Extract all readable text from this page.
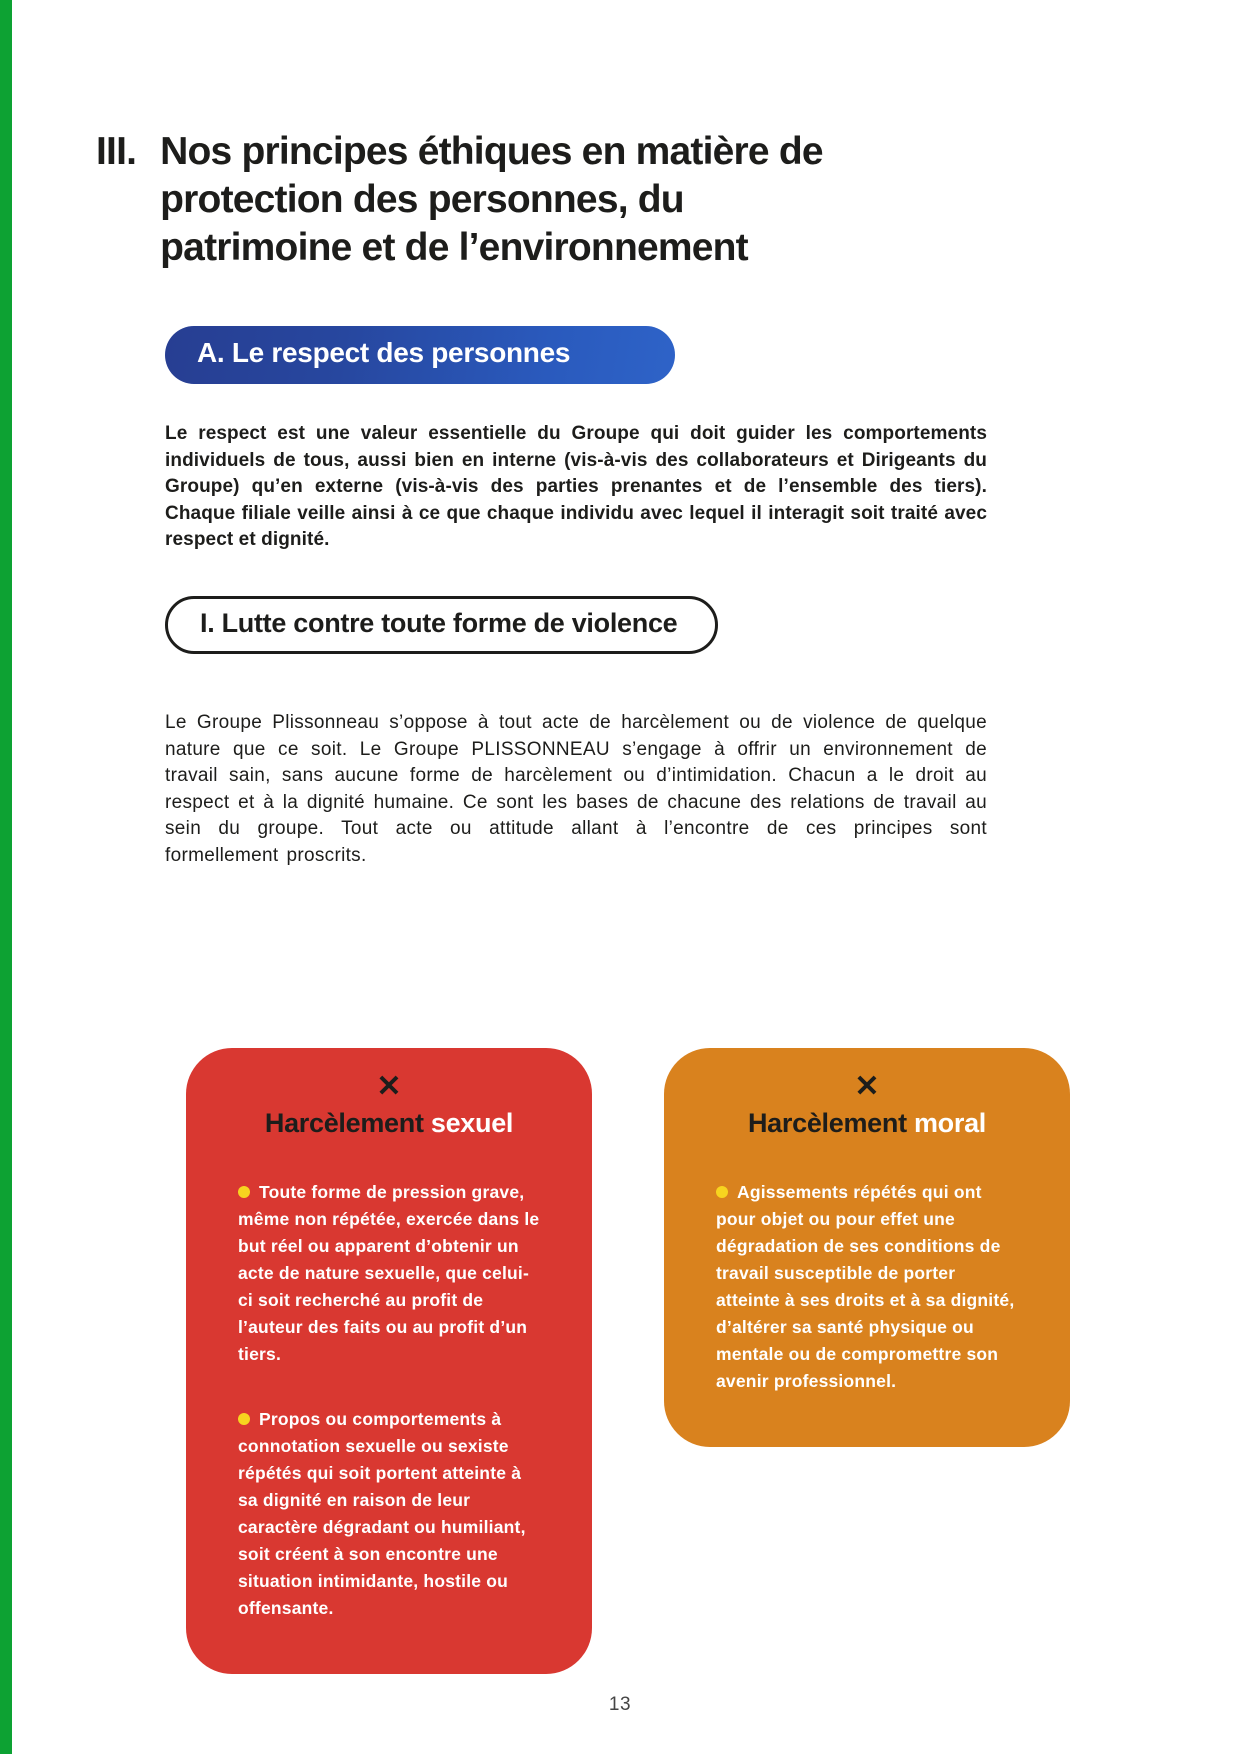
III. Nos principes éthiques en matière de
protection des personnes, du
patrimoine et de l’environnement
A. Le respect des personnes

Le respect est une valeur essentielle du Groupe qui doit guider les comportements individuels de tous, aussi bien en interne (vis-à-vis des collaborateurs et Dirigeants du Groupe) qu’en externe (vis-à-vis des parties prenantes et de l’ensemble des tiers). Chaque filiale veille ainsi à ce que chaque individu avec lequel il interagit soit traité avec respect et dignité.

I. Lutte contre toute forme de violence

Le Groupe Plissonneau s’oppose à tout acte de harcèlement ou de violence de quelque nature que ce soit. Le Groupe PLISSONNEAU s’engage à offrir un environnement de travail sain, sans aucune forme de harcèlement ou d’intimidation. Chacun a le droit au respect et à la dignité humaine. Ce sont les bases de chacune des relations de travail au sein du groupe. Tout acte ou attitude allant à l’encontre de ces principes sont formellement proscrits.

✕
Harcèlement sexuel
Toute forme de pression grave, même non répétée, exercée dans le but réel ou apparent d’obtenir un acte de nature sexuelle, que celui-ci soit recherché au profit de l’auteur des faits ou au profit d’un tiers.
Propos ou comportements à connotation sexuelle ou sexiste répétés qui soit portent atteinte à sa dignité en raison de leur caractère dégradant ou humiliant, soit créent à son encontre une situation intimidante, hostile ou offensante.
✕
Harcèlement moral
Agissements répétés qui ont pour objet ou pour effet une dégradation de ses conditions de travail susceptible de porter atteinte à ses droits et à sa dignité, d’altérer sa santé physique ou mentale ou de compromettre son avenir professionnel.
13
